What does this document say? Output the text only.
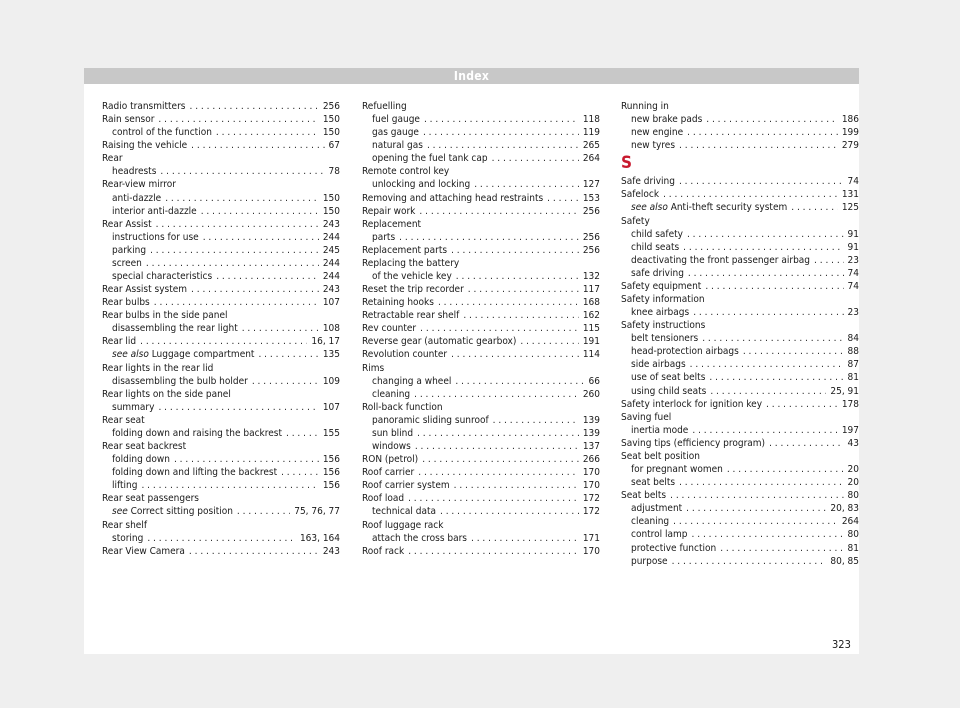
Index
Radio transmitters . . .	256
Rain sensor . . .	150
control of the function . . .	150
Raising the vehicle . . .	67
Rear
headrests . . .	78
Rear-view mirror
anti-dazzle . . .	150
interior anti-dazzle . . .	150
Rear Assist . . .	243
instructions for use . . .	244
parking . . .	245
screen . . .	244
special characteristics . . .	244
Rear Assist system . . .	243
Rear bulbs . . .	107
Rear bulbs in the side panel
disassembling the rear light . . .	108
Rear lid . . .	16, 17
see also Luggage compartment . . .	135
Rear lights in the rear lid
disassembling the bulb holder . . .	109
Rear lights on the side panel
summary . . .	107
Rear seat
folding down and raising the backrest . . .	155
Rear seat backrest
folding down . . .	156
folding down and lifting the backrest . . .	156
lifting . . .	156
Rear seat passengers
see Correct sitting position . . .	75, 76, 77
Rear shelf
storing . . .	163, 164
Rear View Camera . . .	243
Refuelling
fuel gauge . . .	118
gas gauge . . .	119
natural gas . . .	265
opening the fuel tank cap . . .	264
Remote control key
unlocking and locking . . .	127
Removing and attaching head restraints . . .	153
Repair work . . .	256
Replacement
parts . . .	256
Replacement parts . . .	256
Replacing the battery
of the vehicle key . . .	132
Reset the trip recorder . . .	117
Retaining hooks . . .	168
Retractable rear shelf . . .	162
Rev counter . . .	115
Reverse gear (automatic gearbox) . . .	191
Revolution counter . . .	114
Rims
changing a wheel . . .	66
cleaning . . .	260
Roll-back function
panoramic sliding sunroof . . .	139
sun blind . . .	139
windows . . .	137
RON (petrol) . . .	266
Roof carrier . . .	170
Roof carrier system . . .	170
Roof load . . .	172
technical data . . .	172
Roof luggage rack
attach the cross bars . . .	171
Roof rack . . .	170
Running in
new brake pads . . .	186
new engine . . .	199
new tyres . . .	279
S
Safe driving . . .	74
Safelock . . .	131
see also Anti-theft security system . . .	125
Safety
child safety . . .	91
child seats . . .	91
deactivating the front passenger airbag . . .	23
safe driving . . .	74
Safety equipment . . .	74
Safety information
knee airbags . . .	23
Safety instructions
belt tensioners . . .	84
head-protection airbags . . .	88
side airbags . . .	87
use of seat belts . . .	81
using child seats . . .	25, 91
Safety interlock for ignition key . . .	178
Saving fuel
inertia mode . . .	197
Saving tips (efficiency program) . . .	43
Seat belt position
for pregnant women . . .	20
seat belts . . .	20
Seat belts . . .	80
adjustment . . .	20, 83
cleaning . . .	264
control lamp . . .	80
protective function . . .	81
purpose . . .	80, 85
323
